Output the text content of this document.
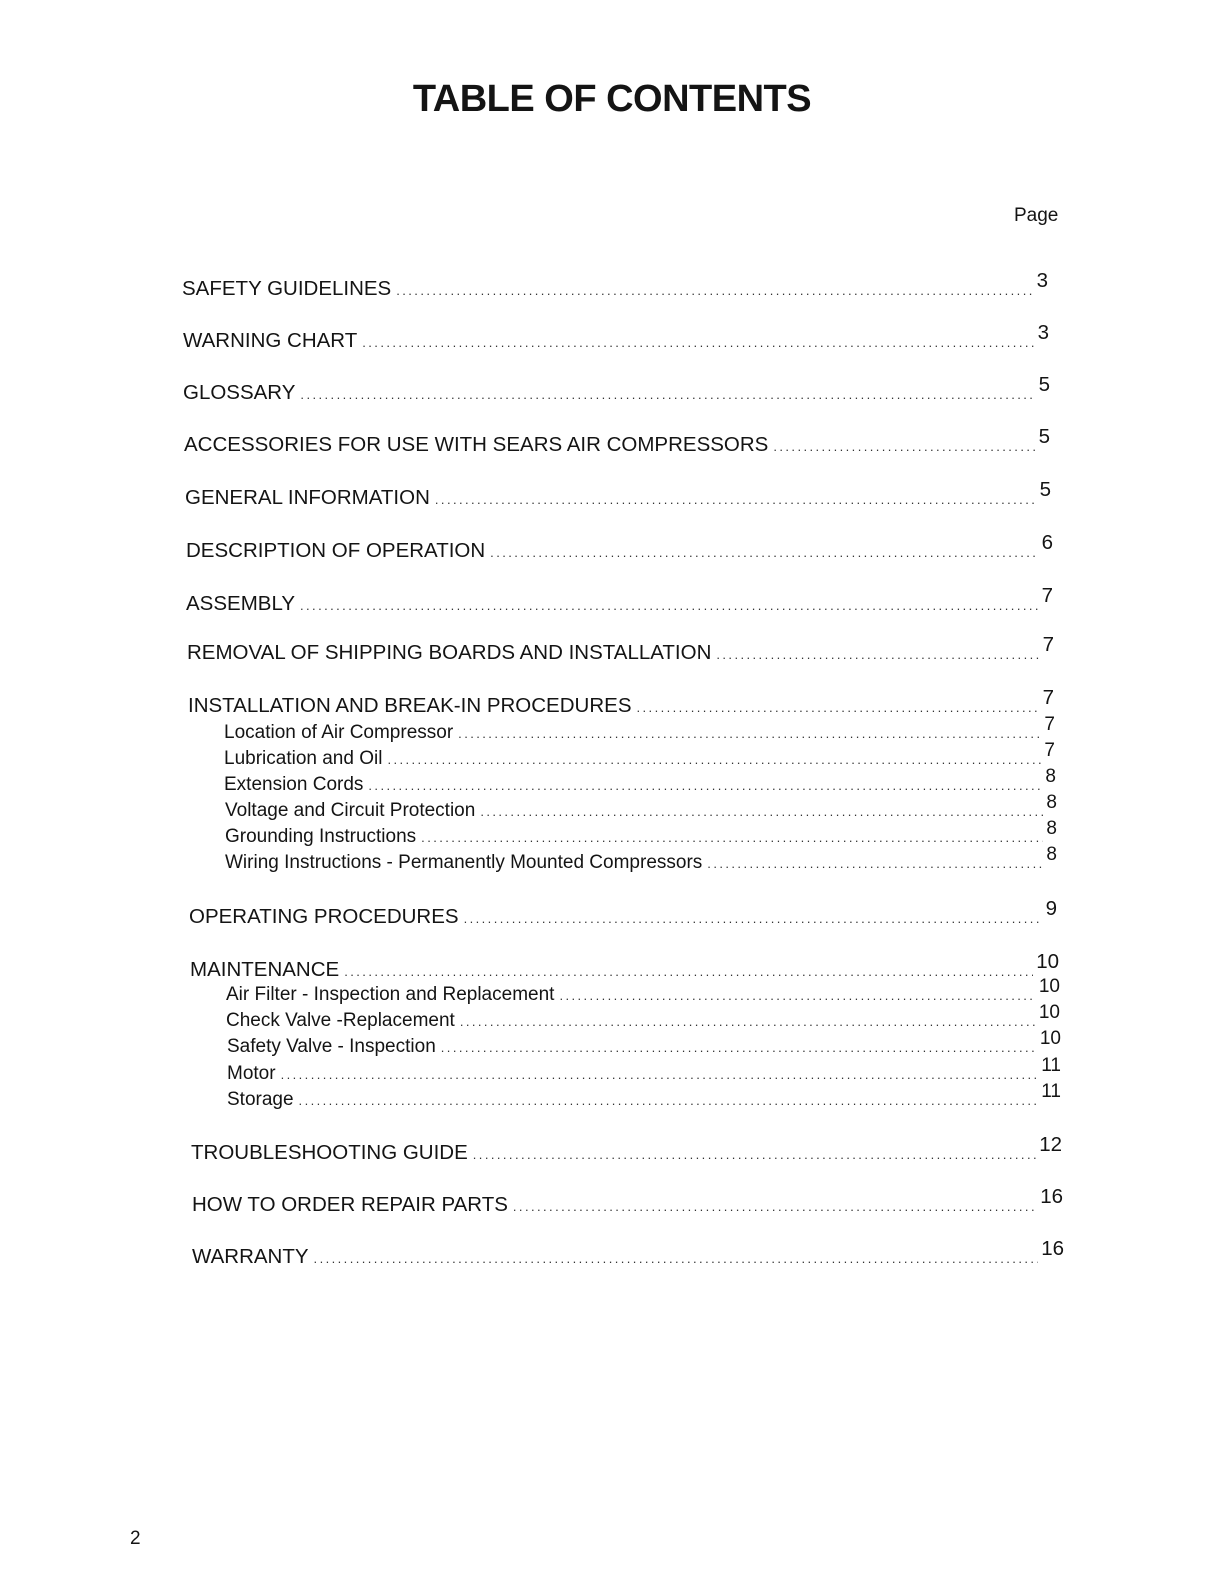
TABLE OF CONTENTS
Page
SAFETY GUIDELINES . . .	3
WARNING CHART . . .	3
GLOSSARY . . .	5
ACCESSORIES FOR USE WITH SEARS AIR COMPRESSORS . . .	5
GENERAL INFORMATION . . .	5
DESCRIPTION OF OPERATION . . .	6
ASSEMBLY . . .	7
REMOVAL OF SHIPPING BOARDS AND INSTALLATION . . .	7
INSTALLATION AND BREAK-IN PROCEDURES . . .	7
Location of Air Compressor . . .	7
Lubrication and Oil . . .	7
Extension Cords . . .	8
Voltage and Circuit Protection . . .	8
Grounding Instructions . . .	8
Wiring Instructions - Permanently Mounted Compressors . . .	8
OPERATING PROCEDURES . . .	9
MAINTENANCE . . .	10
Air Filter - Inspection and Replacement . . .	10
Check Valve -Replacement . . .	10
Safety Valve - Inspection . . .	10
Motor . . .	11
Storage . . .	11
TROUBLESHOOTING GUIDE . . .	12
HOW TO ORDER REPAIR PARTS . . .	16
WARRANTY . . .	16
2
